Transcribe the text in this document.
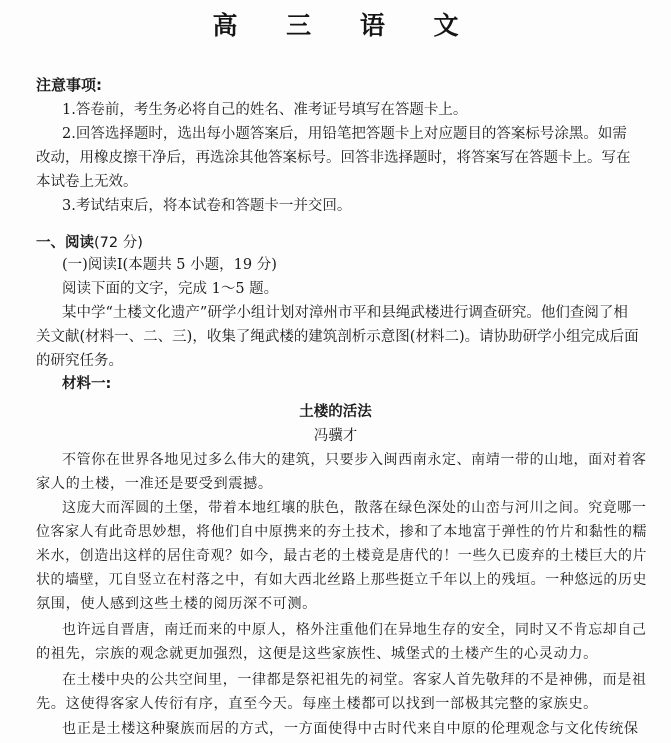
高 三 语 文
注意事项:
1.答卷前，考生务必将自己的姓名、准考证号填写在答题卡上。
2.回答选择题时，选出每小题答案后，用铅笔把答题卡上对应题目的答案标号涂黑。如需
改动，用橡皮擦干净后，再选涂其他答案标号。回答非选择题时，将答案写在答题卡上。写在
本试卷上无效。
3.考试结束后，将本试卷和答题卡一并交回。
一、阅读(72 分)
(一)阅读Ⅰ(本题共 5 小题，19 分)
阅读下面的文字，完成 1～5 题。
某中学“土楼文化遗产”研学小组计划对漳州市平和县绳武楼进行调查研究。他们查阅了相
关文献(材料一、二、三)，收集了绳武楼的建筑剖析示意图(材料二)。请协助研学小组完成后面
的研究任务。
材料一:
土楼的活法
冯骥才
不管你在世界各地见过多么伟大的建筑，只要步入闽西南永定、南靖一带的山地，面对着客
家人的土楼，一准还是要受到震撼。
这庞大而浑圆的土堡，带着本地红壤的肤色，散落在绿色深处的山峦与河川之间。究竟哪一
位客家人有此奇思妙想，将他们自中原携来的夯土技术，掺和了本地富于弹性的竹片和黏性的糯
米水，创造出这样的居住奇观？如今，最古老的土楼竟是唐代的！一些久已废弃的土楼巨大的片
状的墙壁，兀自竖立在村落之中，有如大西北丝路上那些挺立千年以上的残垣。一种悠远的历史
氛围，使人感到这些土楼的阅历深不可测。
也许远自晋唐，南迁而来的中原人，格外注重他们在异地生存的安全，同时又不肯忘却自己
的祖先，宗族的观念就更加强烈，这便是这些家族性、城堡式的土楼产生的心灵动力。
在土楼中央的公共空间里，一律都是祭祀祖先的祠堂。客家人首先敬拜的不是神佛，而是祖
先。这使得客家人传衍有序，直至今天。每座土楼都可以找到一部极其完整的家族史。
也正是土楼这种聚族而居的方式，一方面使得中古时代来自中原的伦理观念与文化传统保
